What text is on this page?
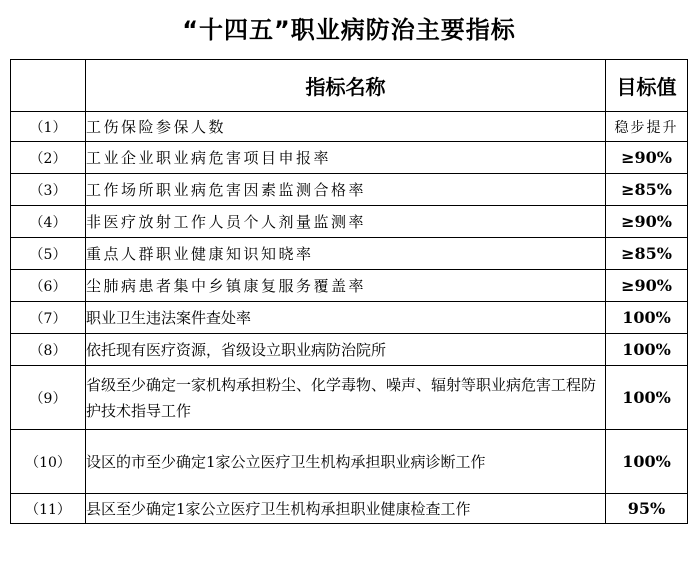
“十四五”职业病防治主要指标
	指标名称	目标值
（1）	工伤保险参保人数	稳步提升
（2）	工业企业职业病危害项目申报率	≥90%
（3）	工作场所职业病危害因素监测合格率	≥85%
（4）	非医疗放射工作人员个人剂量监测率	≥90%
（5）	重点人群职业健康知识知晓率	≥85%
（6）	尘肺病患者集中乡镇康复服务覆盖率	≥90%
（7）	职业卫生违法案件查处率	100%
（8）	依托现有医疗资源，省级设立职业病防治院所	100%
（9）	省级至少确定一家机构承担粉尘、化学毒物、噪声、辐射等职业病危害工程防护技术指导工作	100%
（10）	设区的市至少确定1家公立医疗卫生机构承担职业病诊断工作	100%
（11）	县区至少确定1家公立医疗卫生机构承担职业健康检查工作	95%
